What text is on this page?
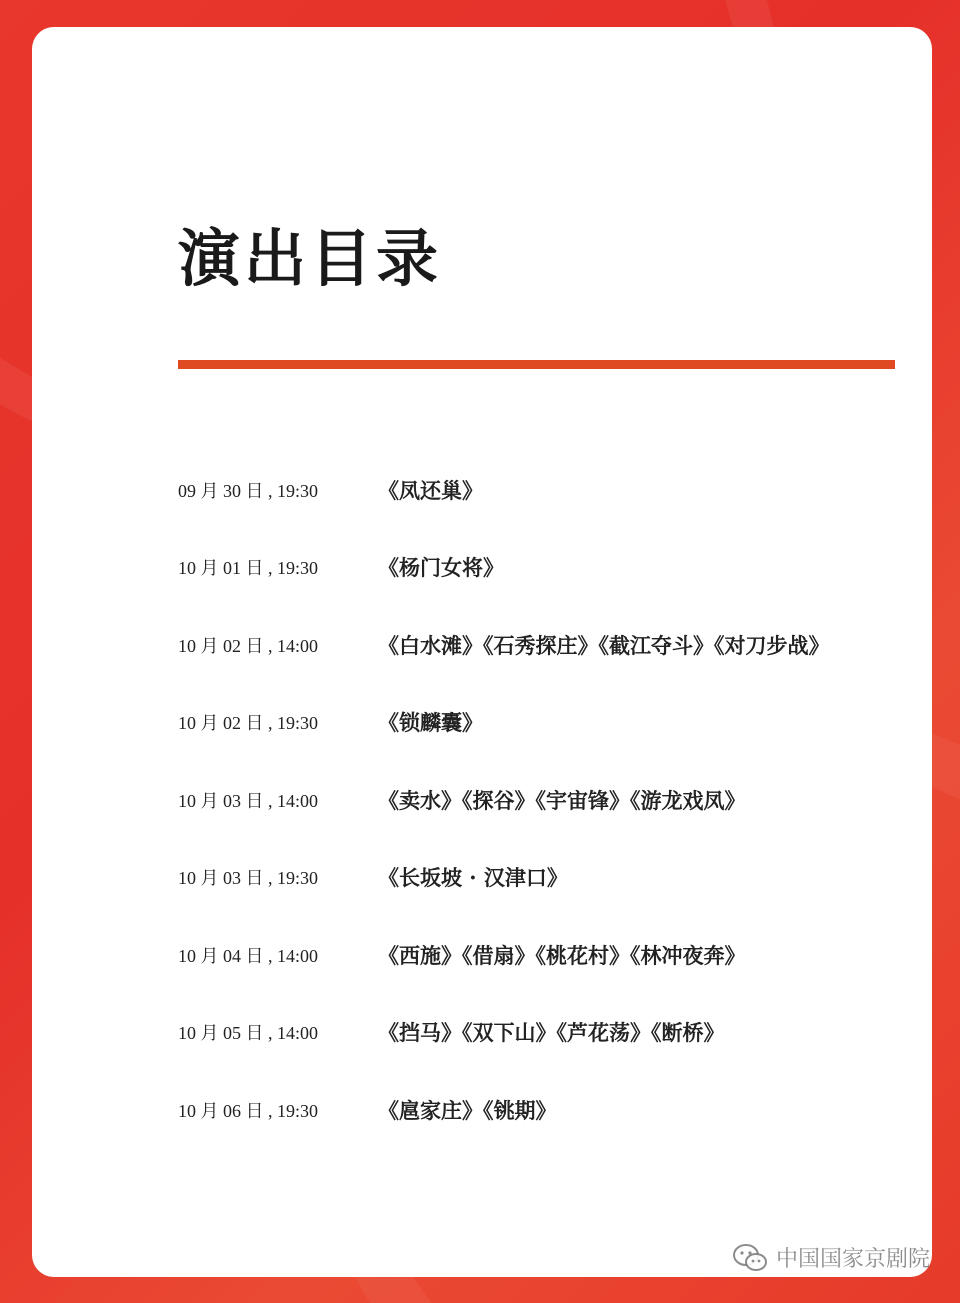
演出目录
09 月 30 日 , 19:30	《凤还巢》
10 月 01 日 , 19:30	《杨门女将》
10 月 02 日 , 14:00	《白水滩》《石秀探庄》《截江夺斗》《对刀步战》
10 月 02 日 , 19:30	《锁麟囊》
10 月 03 日 , 14:00	《卖水》《探谷》《宇宙锋》《游龙戏凤》
10 月 03 日 , 19:30	《长坂坡 · 汉津口》
10 月 04 日 , 14:00	《西施》《借扇》《桃花村》《林冲夜奔》
10 月 05 日 , 14:00	《挡马》《双下山》《芦花荡》《断桥》
10 月 06 日 , 19:30	《扈家庄》《铫期》
中国国家京剧院
